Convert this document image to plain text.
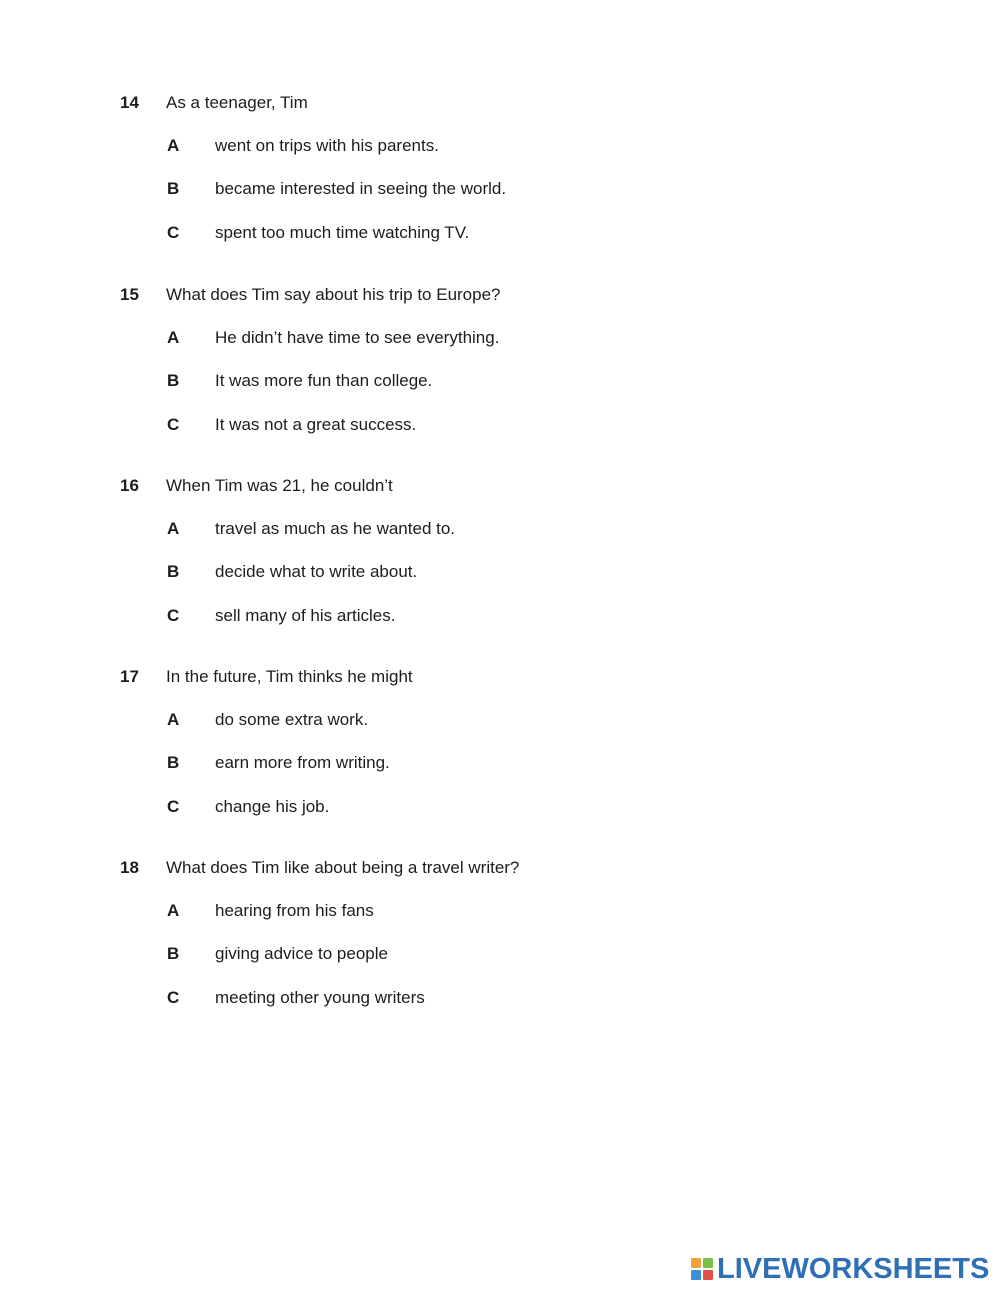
14 As a teenager, Tim
A went on trips with his parents.
B became interested in seeing the world.
C spent too much time watching TV.
15 What does Tim say about his trip to Europe?
A He didn’t have time to see everything.
B It was more fun than college.
C It was not a great success.
16 When Tim was 21, he couldn’t
A travel as much as he wanted to.
B decide what to write about.
C sell many of his articles.
17 In the future, Tim thinks he might
A do some extra work.
B earn more from writing.
C change his job.
18 What does Tim like about being a travel writer?
A hearing from his fans
B giving advice to people
C meeting other young writers
LIVEWORKSHEETS
